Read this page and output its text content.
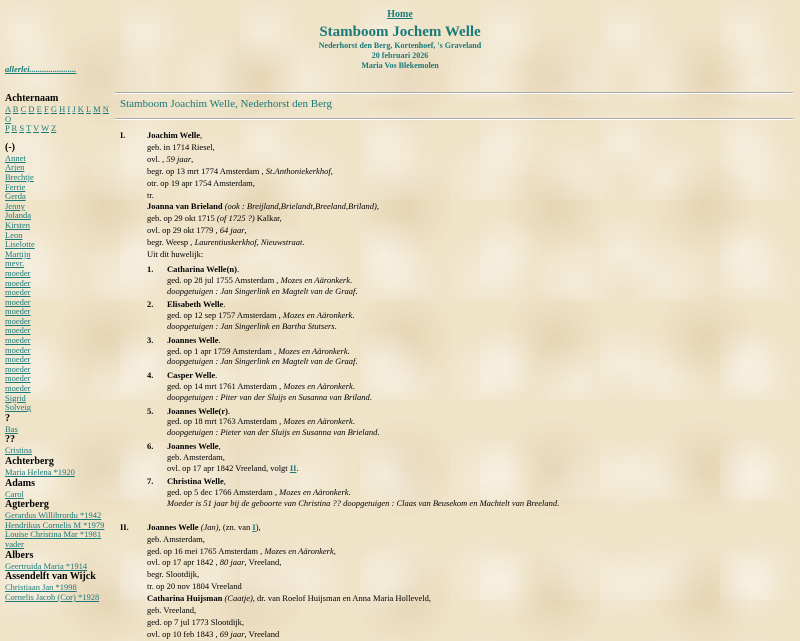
Home
Stamboom Jochem Welle
Nederhorst den Berg, Kortenhoef, 's Graveland
20 februari 2026
Maria Vos Blekemolen
allerlei......................
Achternaam
A B C D E F G H I J K L M N O
P R S T V W Z
(-)
Annet
Arjen
Brechtje
Ferrie
Gerda
Jenny
Jolanda
Kirsten
Leon
Liselotte
Martijn
mevr.
moeder
moeder
moeder
moeder
moeder
moeder
moeder
moeder
moeder
moeder
moeder
moeder
moeder
Sigrid
Solveig
?
Bas
??
Cristina
Achterberg
Maria Helena *1920
Adams
Carol
Agterberg
Gerardus Willibrordu *1942
Hendrikus Cornelis M *1979
Louise Christina Mar *1981
vader
Albers
Geertruida Maria *1914
Assendelft van Wijck
Christiaan Jan *1998
Cornelis Jacob (Cor) *1928
Stamboom Joachim Welle, Nederhorst den Berg
I.	Joachim Welle,
geb. in 1714 Riesel,
ovl. , 59 jaar,
begr. op 13 mrt 1774 Amsterdam , St.Anthoniekerkhof,
otr. op 19 apr 1754 Amsterdam,
tr.
Joanna van Brieland (ook : Breijland,Brielandt,Breeland,Briland),
geb. op 29 okt 1715 (of 1725 ?) Kalkar,
ovl. op 29 okt 1779 , 64 jaar,
begr. Weesp , Laurentiuskerkhof, Nieuwstraat.
Uit dit huwelijk:
1.	Catharina Welle(n).
ged. op 28 jul 1755 Amsterdam , Mozes en Aäronkerk.
doopgetuigen : Jan Singerlink en Magtelt van de Graaf.
2.	Elisabeth Welle.
ged. op 12 sep 1757 Amsterdam , Mozes en Aäronkerk.
doopgetuigen : Jan Singerlink en Bartha Stutsers.
3.	Joannes Welle.
ged. op 1 apr 1759 Amsterdam , Mozes en Aäronkerk.
doopgetuigen : Jan Singerlink en Magtelt van de Graaf.
4.	Casper Welle.
ged. op 14 mrt 1761 Amsterdam , Mozes en Aäronkerk.
doopgetuigen : Piter van der Sluijs en Susanna van Briland.
5.	Joannes Welle(r).
ged. op 18 mrt 1763 Amsterdam , Mozes en Aäronkerk.
doopgetuigen : Pieter van der Sluijs en Susanna van Brieland.
6.	Joannes Welle,
geb. Amsterdam,
ovl. op 17 apr 1842 Vreeland, volgt II.
7.	Christina Welle,
ged. op 5 dec 1766 Amsterdam , Mozes en Aäronkerk.
Moeder is 51 jaar bij de geboorte van Christina ?? doopgetuigen : Claas van Beusekom en Machtelt van Breeland.
II.	Joannes Welle (Jan), (zn. van I),
geb. Amsterdam,
ged. op 16 mei 1765 Amsterdam , Mozes en Aäronkerk,
ovl. op 17 apr 1842 , 80 jaar, Vreeland,
begr. Slootdijk,
tr. op 20 nov 1804 Vreeland
Catharina Huijsman (Caatje), dr. van Roelof Huijsman en Anna Maria Holleveld,
geb. Vreeland,
ged. op 7 jul 1773 Slootdijk,
ovl. op 10 feb 1843 , 69 jaar, Vreeland
